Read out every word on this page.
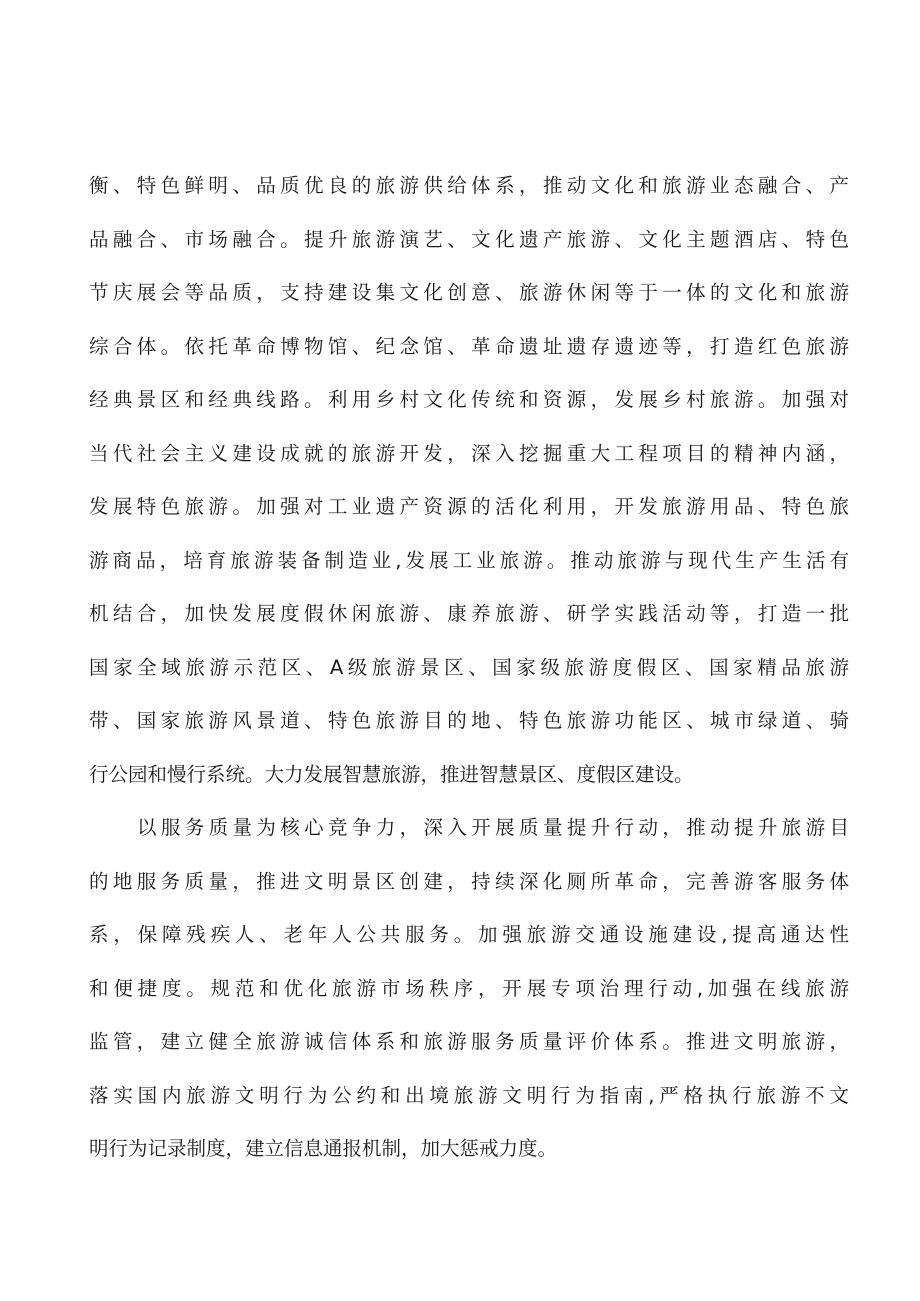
衡、特色鲜明、品质优良的旅游供给体系，推动文化和旅游业态融合、产
品融合、市场融合。提升旅游演艺、文化遗产旅游、文化主题酒店、特色
节庆展会等品质，支持建设集文化创意、旅游休闲等于一体的文化和旅游
综合体。依托革命博物馆、纪念馆、革命遗址遗存遗迹等，打造红色旅游
经典景区和经典线路。利用乡村文化传统和资源，发展乡村旅游。加强对
当代社会主义建设成就的旅游开发，深入挖掘重大工程项目的精神内涵，
发展特色旅游。加强对工业遗产资源的活化利用，开发旅游用品、特色旅
游商品，培育旅游装备制造业,发展工业旅游。推动旅游与现代生产生活有
机结合，加快发展度假休闲旅游、康养旅游、研学实践活动等，打造一批
国家全域旅游示范区、A级旅游景区、国家级旅游度假区、国家精品旅游
带、国家旅游风景道、特色旅游目的地、特色旅游功能区、城市绿道、骑
行公园和慢行系统。大力发展智慧旅游，推进智慧景区、度假区建设。
以服务质量为核心竞争力，深入开展质量提升行动，推动提升旅游目
的地服务质量，推进文明景区创建，持续深化厕所革命，完善游客服务体
系，保障残疾人、老年人公共服务。加强旅游交通设施建设,提高通达性
和便捷度。规范和优化旅游市场秩序，开展专项治理行动,加强在线旅游
监管，建立健全旅游诚信体系和旅游服务质量评价体系。推进文明旅游，
落实国内旅游文明行为公约和出境旅游文明行为指南,严格执行旅游不文
明行为记录制度，建立信息通报机制，加大惩戒力度。
